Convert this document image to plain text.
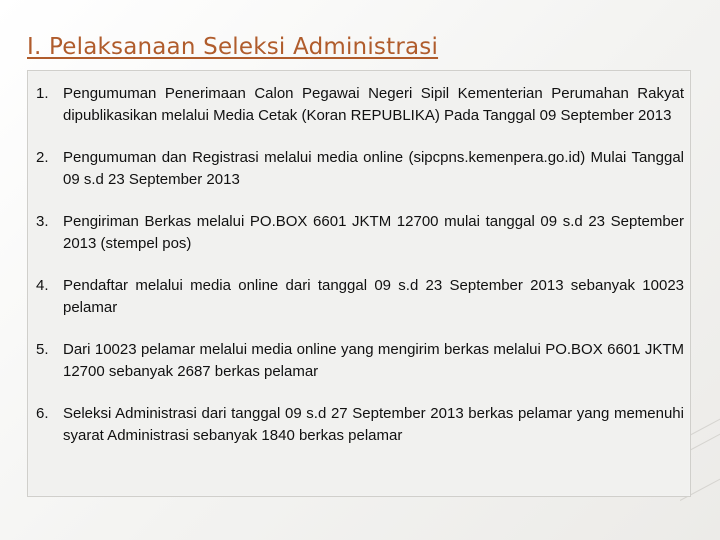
I. Pelaksanaan Seleksi Administrasi
1. Pengumuman Penerimaan Calon Pegawai Negeri Sipil Kementerian Perumahan Rakyat dipublikasikan melalui Media Cetak (Koran REPUBLIKA) Pada Tanggal 09 September 2013
2. Pengumuman dan Registrasi melalui media online (sipcpns.kemenpera.go.id) Mulai Tanggal 09 s.d 23 September 2013
3. Pengiriman Berkas melalui PO.BOX 6601 JKTM 12700 mulai tanggal 09 s.d 23 September 2013 (stempel pos)
4. Pendaftar melalui media online dari tanggal 09 s.d 23 September 2013 sebanyak 10023 pelamar
5. Dari 10023 pelamar melalui media online yang mengirim berkas melalui PO.BOX 6601 JKTM 12700 sebanyak 2687 berkas pelamar
6. Seleksi Administrasi dari tanggal 09 s.d 27 September 2013 berkas pelamar yang memenuhi syarat Administrasi sebanyak 1840 berkas pelamar
